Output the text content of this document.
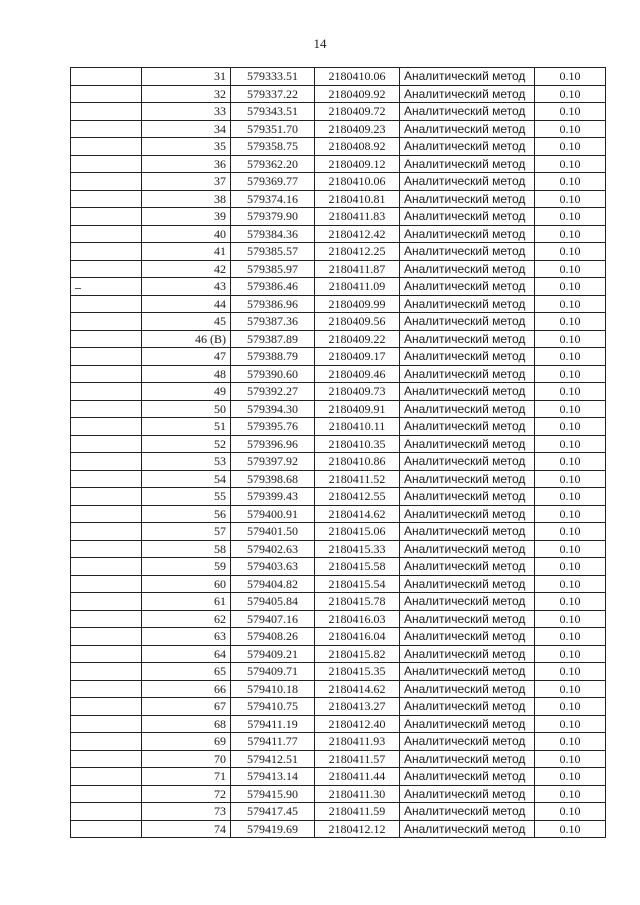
14
	31	579333.51	2180410.06	Аналитический метод	0.10
	32	579337.22	2180409.92	Аналитический метод	0.10
	33	579343.51	2180409.72	Аналитический метод	0.10
	34	579351.70	2180409.23	Аналитический метод	0.10
	35	579358.75	2180408.92	Аналитический метод	0.10
	36	579362.20	2180409.12	Аналитический метод	0.10
	37	579369.77	2180410.06	Аналитический метод	0.10
	38	579374.16	2180410.81	Аналитический метод	0.10
	39	579379.90	2180411.83	Аналитический метод	0.10
	40	579384.36	2180412.42	Аналитический метод	0.10
	41	579385.57	2180412.25	Аналитический метод	0.10
	42	579385.97	2180411.87	Аналитический метод	0.10
	43	579386.46	2180411.09	Аналитический метод	0.10
	44	579386.96	2180409.99	Аналитический метод	0.10
	45	579387.36	2180409.56	Аналитический метод	0.10
	46 (В)	579387.89	2180409.22	Аналитический метод	0.10
	47	579388.79	2180409.17	Аналитический метод	0.10
	48	579390.60	2180409.46	Аналитический метод	0.10
	49	579392.27	2180409.73	Аналитический метод	0.10
	50	579394.30	2180409.91	Аналитический метод	0.10
	51	579395.76	2180410.11	Аналитический метод	0.10
	52	579396.96	2180410.35	Аналитический метод	0.10
	53	579397.92	2180410.86	Аналитический метод	0.10
	54	579398.68	2180411.52	Аналитический метод	0.10
	55	579399.43	2180412.55	Аналитический метод	0.10
	56	579400.91	2180414.62	Аналитический метод	0.10
	57	579401.50	2180415.06	Аналитический метод	0.10
	58	579402.63	2180415.33	Аналитический метод	0.10
	59	579403.63	2180415.58	Аналитический метод	0.10
	60	579404.82	2180415.54	Аналитический метод	0.10
	61	579405.84	2180415.78	Аналитический метод	0.10
	62	579407.16	2180416.03	Аналитический метод	0.10
	63	579408.26	2180416.04	Аналитический метод	0.10
	64	579409.21	2180415.82	Аналитический метод	0.10
	65	579409.71	2180415.35	Аналитический метод	0.10
	66	579410.18	2180414.62	Аналитический метод	0.10
	67	579410.75	2180413.27	Аналитический метод	0.10
	68	579411.19	2180412.40	Аналитический метод	0.10
	69	579411.77	2180411.93	Аналитический метод	0.10
	70	579412.51	2180411.57	Аналитический метод	0.10
	71	579413.14	2180411.44	Аналитический метод	0.10
	72	579415.90	2180411.30	Аналитический метод	0.10
	73	579417.45	2180411.59	Аналитический метод	0.10
	74	579419.69	2180412.12	Аналитический метод	0.10
